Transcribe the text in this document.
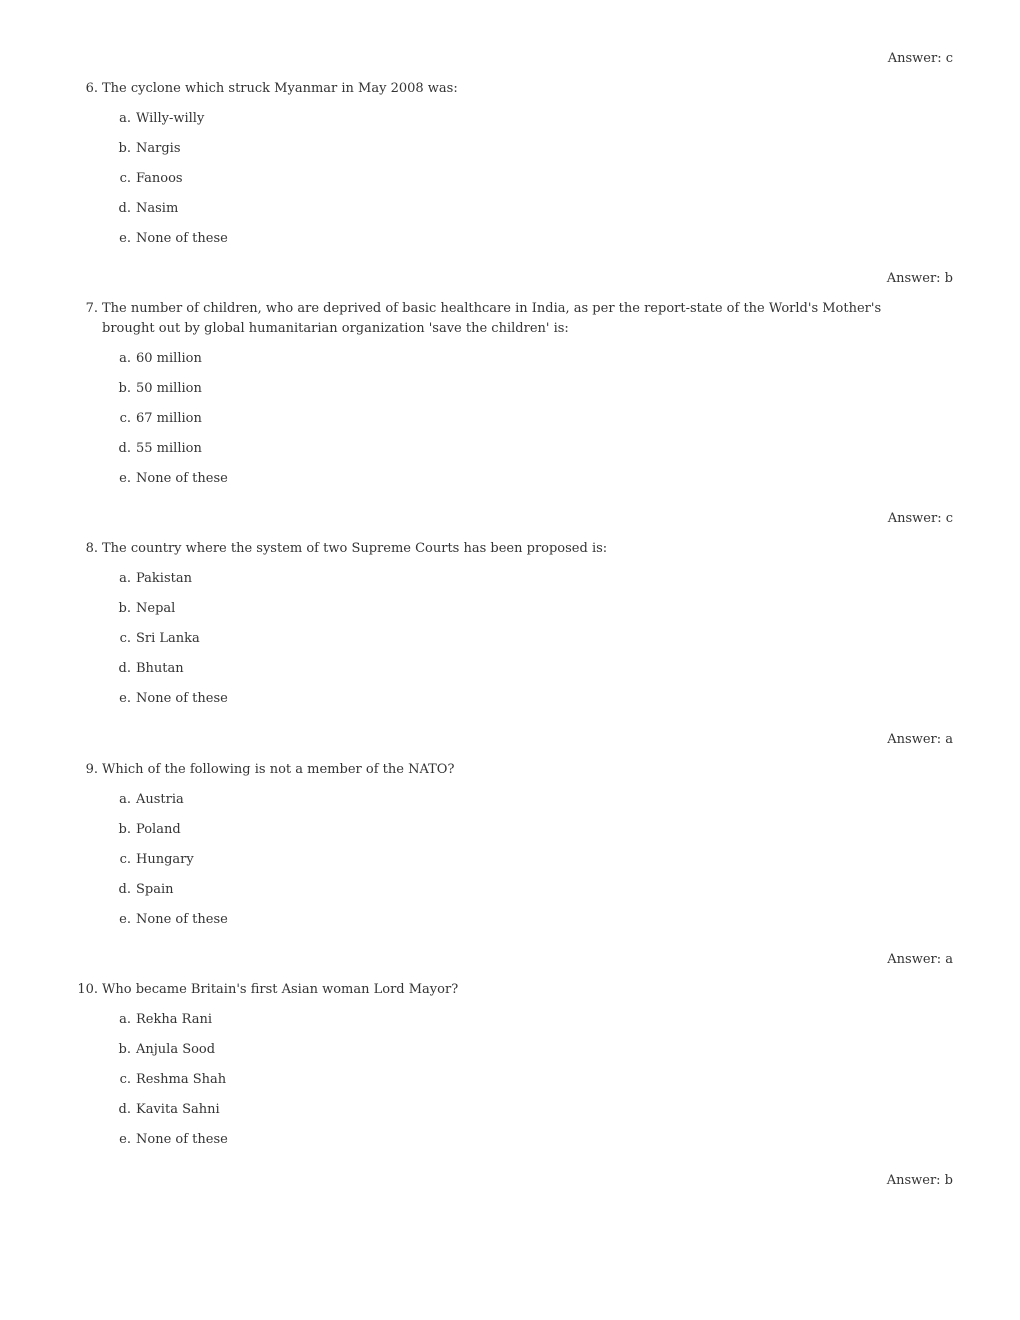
Answer: c
6. The cyclone which struck Myanmar in May 2008 was:
a. Willy-willy
b. Nargis
c. Fanoos
d. Nasim
e. None of these
Answer: b
7. The number of children, who are deprived of basic healthcare in India, as per the report-state of the World's Mother's brought out by global humanitarian organization 'save the children' is:
a. 60 million
b. 50 million
c. 67 million
d. 55 million
e. None of these
Answer: c
8. The country where the system of two Supreme Courts has been proposed is:
a. Pakistan
b. Nepal
c. Sri Lanka
d. Bhutan
e. None of these
Answer: a
9. Which of the following is not a member of the NATO?
a. Austria
b. Poland
c. Hungary
d. Spain
e. None of these
Answer: a
10. Who became Britain's first Asian woman Lord Mayor?
a. Rekha Rani
b. Anjula Sood
c. Reshma Shah
d. Kavita Sahni
e. None of these
Answer: b
